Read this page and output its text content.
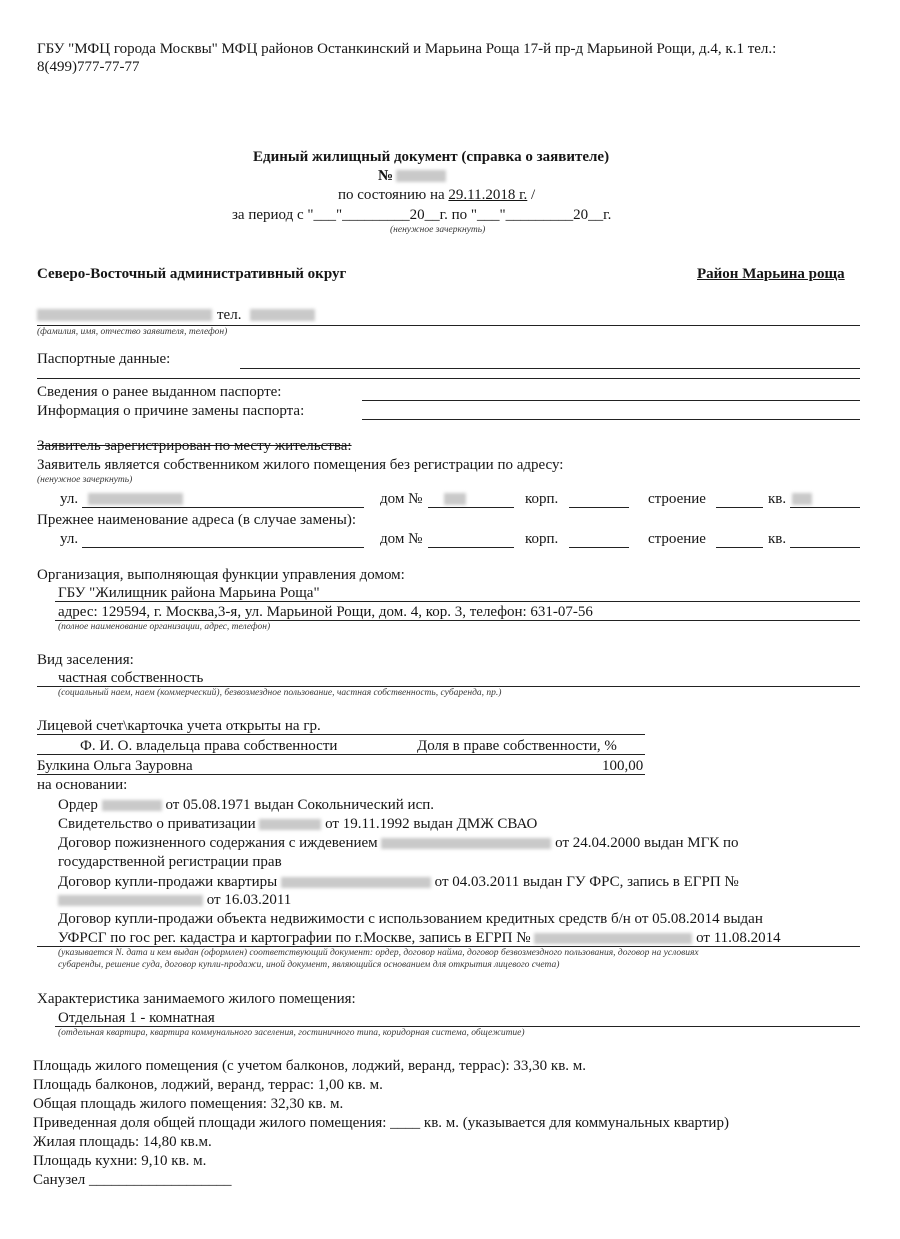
ГБУ "МФЦ города Москвы" МФЦ районов Останкинский и Марьина Роща 17-й пр-д Марьиной Рощи, д.4, к.1 тел.:
8(499)777-77-77
Единый жилищный документ (справка о заявителе)
№
по состоянию на 29.11.2018 г. /
за период с "___"_________20__г. по "___"_________20__г.
(ненужное зачеркнуть)
Северо-Восточный административный округ	Район Марьина роща
тел.
(фамилия, имя, отчество заявителя, телефон)
Паспортные данные:
Сведения о ранее выданном паспорте:
Информация о причине замены паспорта:
Заявитель зарегистрирован по месту жительства:
Заявитель является собственником жилого помещения без регистрации по адресу:
(ненужное зачеркнуть)
ул.	дом №	корп.	строение	кв.
Прежнее наименование адреса (в случае замены):
ул.	дом №	корп.	строение	кв.
Организация, выполняющая функции управления домом:
ГБУ "Жилищник района Марьина Роща"
адрес: 129594, г. Москва,3-я, ул. Марьиной Рощи, дом. 4, кор. 3, телефон: 631-07-56
(полное наименование организации, адрес, телефон)
Вид заселения:
частная собственность
(социальный наем, наем (коммерческий), безвозмездное пользование, частная собственность, субаренда, пр.)
Лицевой счет\карточка учета открыты на гр.
Ф. И. О. владельца права собственности	Доля в праве собственности, %
Булкина Ольга Зауровна	100,00
на основании:
Ордер	от 05.08.1971 выдан Сокольнический исп.
Свидетельство о приватизации	от 19.11.1992 выдан ДМЖ СВАО
Договор пожизненного содержания с иждевением	от 24.04.2000 выдан МГК по
государственной регистрации прав
Договор купли-продажи квартиры	от 04.03.2011 выдан ГУ ФРС, запись в ЕГРП №
от 16.03.2011
Договор купли-продажи объекта недвижимости с использованием кредитных средств б/н от 05.08.2014 выдан
УФРСГ по гос рег. кадастра и картографии по г.Москве, запись в ЕГРП №	от 11.08.2014
(указывается N. дата и кем выдан (оформлен) соответствующий документ: ордер, договор найма, договор безвозмездного пользования, договор на условиях
субаренды, решение суда, договор купли-продажи, иной документ, являющийся основанием для открытия лицевого счета)
Характеристика занимаемого жилого помещения:
Отдельная 1 - комнатная
(отдельная квартира, квартира коммунального заселения, гостиничного типа, коридорная система, общежитие)
Площадь жилого помещения (с учетом балконов, лоджий, веранд, террас): 33,30 кв. м.
Площадь балконов, лоджий, веранд, террас: 1,00 кв. м.
Общая площадь жилого помещения: 32,30 кв. м.
Приведенная доля общей площади жилого помещения: ____ кв. м. (указывается для коммунальных квартир)
Жилая площадь: 14,80 кв.м.
Площадь кухни: 9,10 кв. м.
Санузел ___________________
